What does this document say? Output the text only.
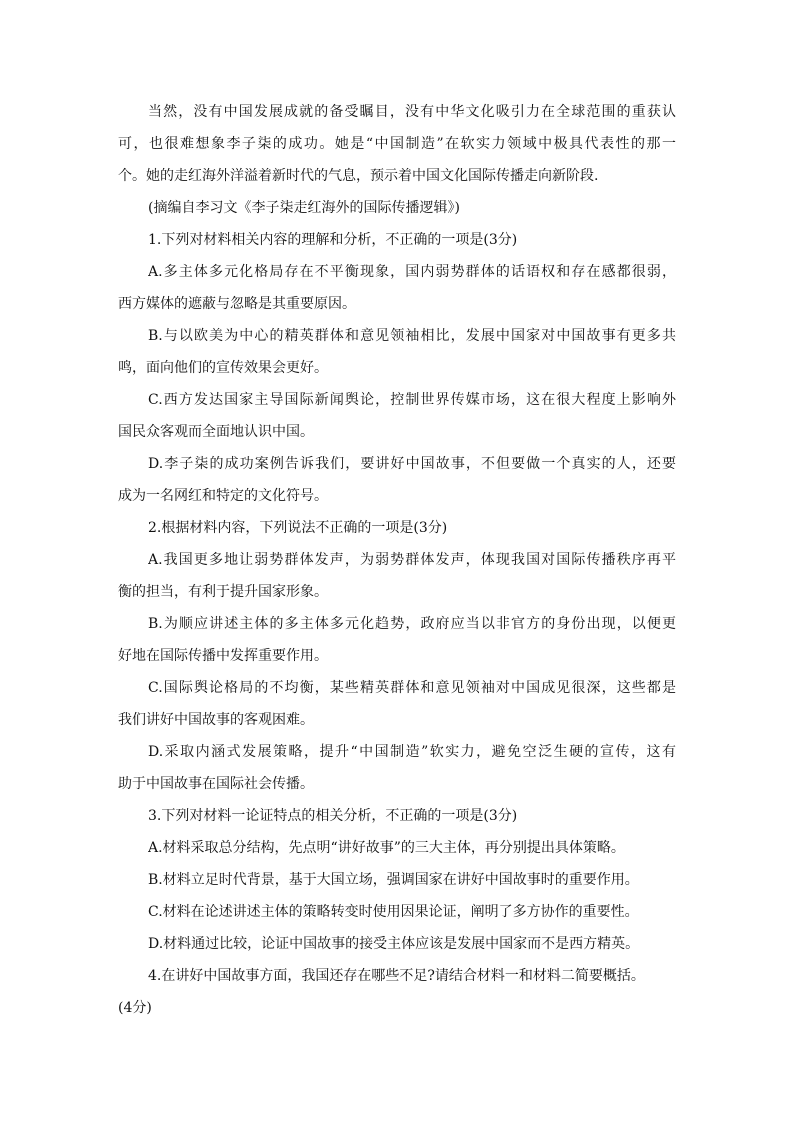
当然，没有中国发展成就的备受瞩目，没有中华文化吸引力在全球范围的重获认
可，也很难想象李子柒的成功。她是“中国制造”在软实力领域中极具代表性的那一
个。她的走红海外洋溢着新时代的气息，预示着中国文化国际传播走向新阶段.
(摘编自李习文《李子柒走红海外的国际传播逻辑》)
1.下列对材料相关内容的理解和分析，不正确的一项是(3分)
A.多主体多元化格局存在不平衡现象，国内弱势群体的话语权和存在感都很弱，
西方媒体的遮蔽与忽略是其重要原因。
B.与以欧美为中心的精英群体和意见领袖相比，发展中国家对中国故事有更多共
鸣，面向他们的宣传效果会更好。
C.西方发达国家主导国际新闻舆论，控制世界传媒市场，这在很大程度上影响外
国民众客观而全面地认识中国。
D.李子柒的成功案例告诉我们，要讲好中国故事，不但要做一个真实的人，还要
成为一名网红和特定的文化符号。
2.根据材料内容，下列说法不正确的一项是(3分)
A.我国更多地让弱势群体发声，为弱势群体发声，体现我国对国际传播秩序再平
衡的担当，有利于提升国家形象。
B.为顺应讲述主体的多主体多元化趋势，政府应当以非官方的身份出现，以便更
好地在国际传播中发挥重要作用。
C.国际舆论格局的不均衡，某些精英群体和意见领袖对中国成见很深，这些都是
我们讲好中国故事的客观困难。
D.采取内涵式发展策略，提升“中国制造”软实力，避免空泛生硬的宣传，这有
助于中国故事在国际社会传播。
3.下列对材料一论证特点的相关分析，不正确的一项是(3分)
A.材料采取总分结构，先点明“讲好故事”的三大主体，再分别提出具体策略。
B.材料立足时代背景，基于大国立场，强调国家在讲好中国故事时的重要作用。
C.材料在论述讲述主体的策略转变时使用因果论证，阐明了多方协作的重要性。
D.材料通过比较，论证中国故事的接受主体应该是发展中国家而不是西方精英。
4.在讲好中国故事方面，我国还存在哪些不足?请结合材料一和材料二简要概括。
(4分)
